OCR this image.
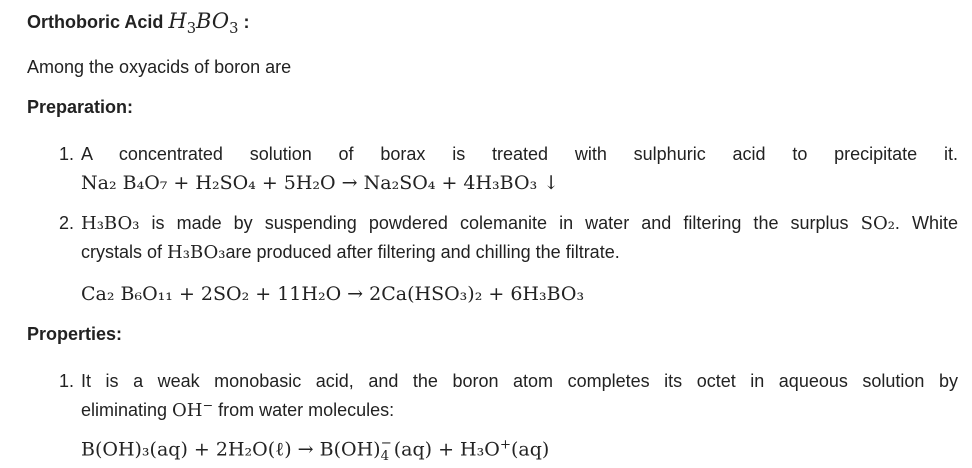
Orthoboric Acid $H_3BO_3$ :
Among the oxyacids of boron are
Preparation:
1. A concentrated solution of borax is treated with sulphuric acid to precipitate it.
Na₂ B₄O₇ + H₂SO₄ + 5H₂O → Na₂SO₄ + 4H₃BO₃ ↓
2. H₃BO₃ is made by suspending powdered colemanite in water and filtering the surplus SO₂. White
crystals of H₃BO₃are produced after filtering and chilling the filtrate.
Ca₂ B₆O₁₁ + 2SO₂ + 11H₂O → 2Ca(HSO₃)₂ + 6H₃BO₃
Properties:
1. It is a weak monobasic acid, and the boron atom completes its octet in aqueous solution by
eliminating OH− from water molecules:
B(OH)₃(aq) + 2H₂O(ℓ) → B(OH) −
4 (aq) + H₃O+(aq)
